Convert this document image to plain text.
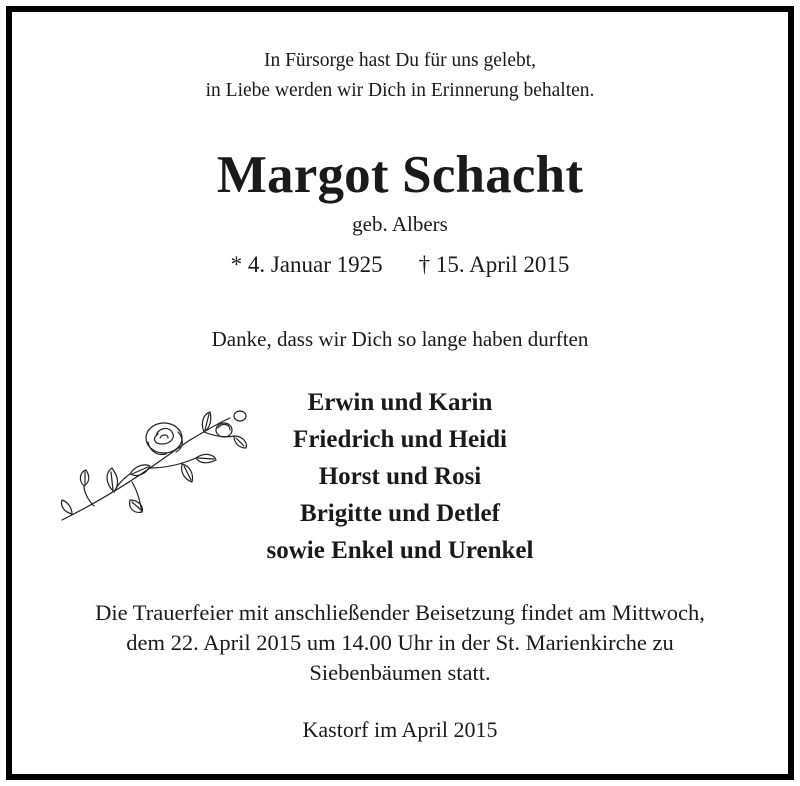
In Fürsorge hast Du für uns gelebt,
in Liebe werden wir Dich in Erinnerung behalten.
Margot Schacht
geb. Albers
* 4. Januar 1925 † 15. April 2015
Danke, dass wir Dich so lange haben durften
Erwin und Karin
Friedrich und Heidi
Horst und Rosi
Brigitte und Detlef
sowie Enkel und Urenkel
Die Trauerfeier mit anschließender Beisetzung findet am Mittwoch,
dem 22. April 2015 um 14.00 Uhr in der St. Marienkirche zu
Siebenbäumen statt.
Kastorf im April 2015
